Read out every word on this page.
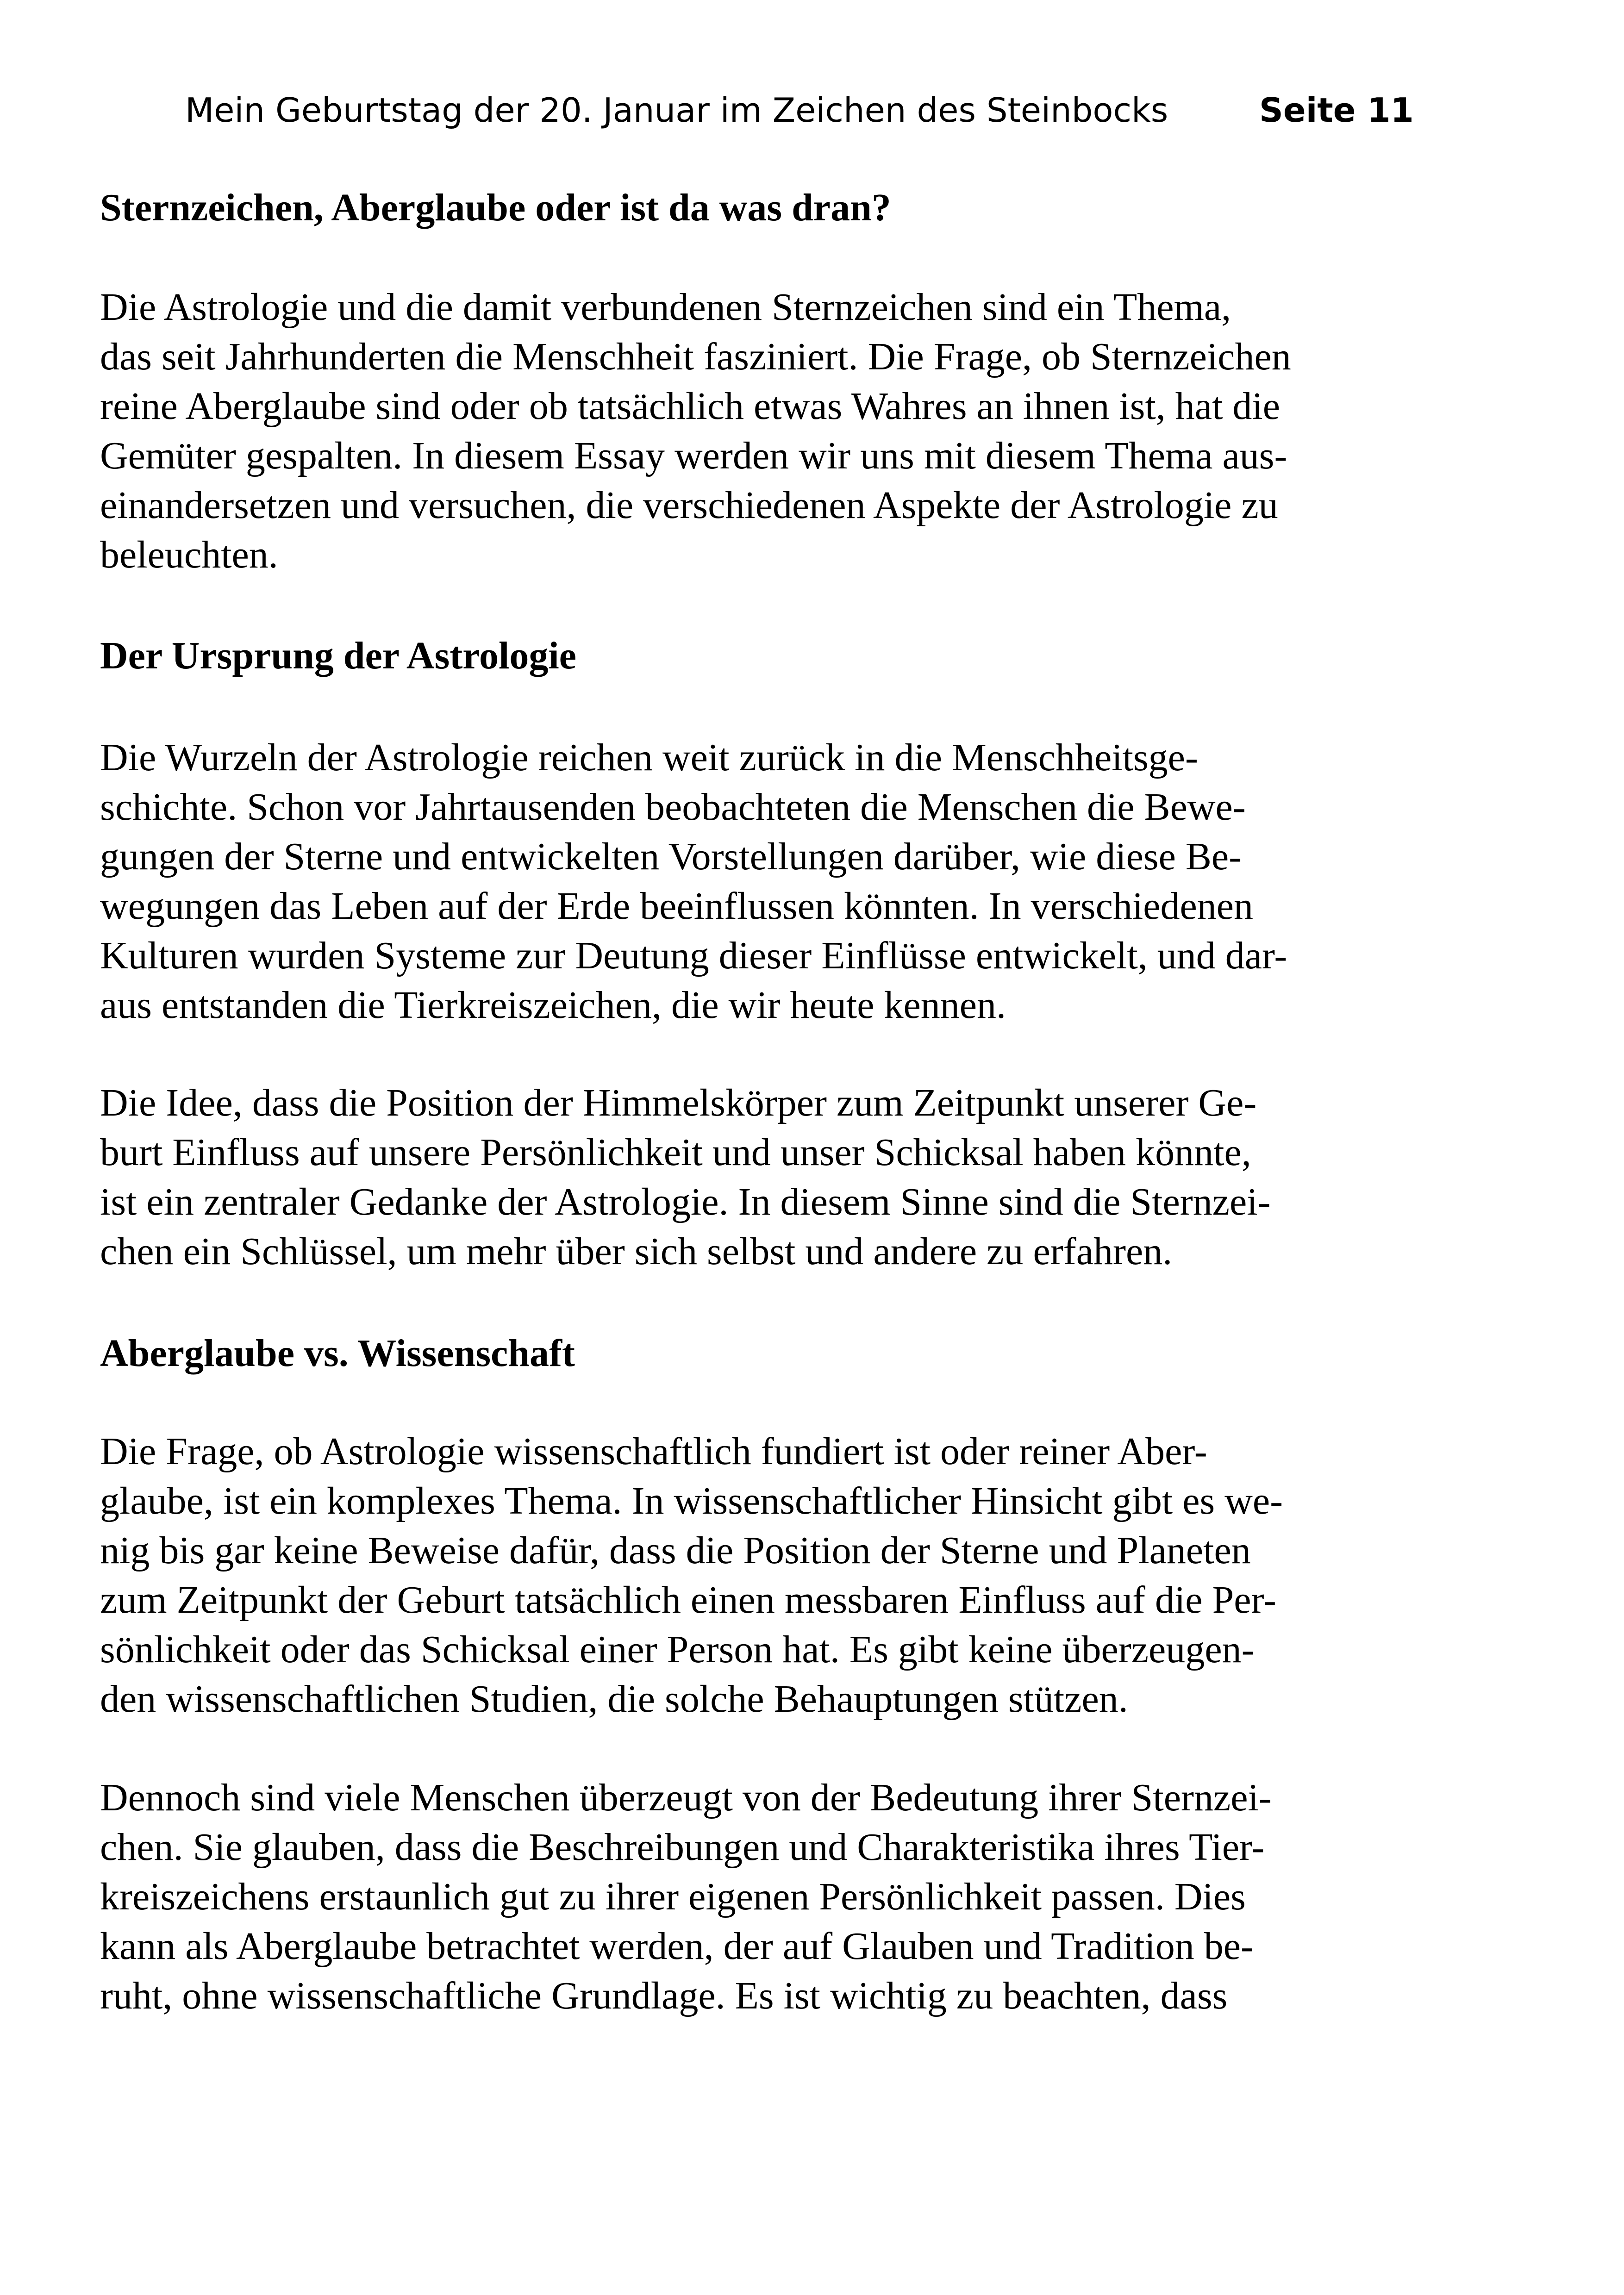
Mein Geburtstag der 20. Januar im Zeichen des Steinbocks	Seite 11
Sternzeichen, Aberglaube oder ist da was dran?
Die Astrologie und die damit verbundenen Sternzeichen sind ein Thema,
das seit Jahrhunderten die Menschheit fasziniert. Die Frage, ob Sternzeichen
reine Aberglaube sind oder ob tatsächlich etwas Wahres an ihnen ist, hat die
Gemüter gespalten. In diesem Essay werden wir uns mit diesem Thema aus-
einandersetzen und versuchen, die verschiedenen Aspekte der Astrologie zu
beleuchten.
Der Ursprung der Astrologie
Die Wurzeln der Astrologie reichen weit zurück in die Menschheitsge-
schichte. Schon vor Jahrtausenden beobachteten die Menschen die Bewe-
gungen der Sterne und entwickelten Vorstellungen darüber, wie diese Be-
wegungen das Leben auf der Erde beeinflussen könnten. In verschiedenen
Kulturen wurden Systeme zur Deutung dieser Einflüsse entwickelt, und dar-
aus entstanden die Tierkreiszeichen, die wir heute kennen.
Die Idee, dass die Position der Himmelskörper zum Zeitpunkt unserer Ge-
burt Einfluss auf unsere Persönlichkeit und unser Schicksal haben könnte,
ist ein zentraler Gedanke der Astrologie. In diesem Sinne sind die Sternzei-
chen ein Schlüssel, um mehr über sich selbst und andere zu erfahren.
Aberglaube vs. Wissenschaft
Die Frage, ob Astrologie wissenschaftlich fundiert ist oder reiner Aber-
glaube, ist ein komplexes Thema. In wissenschaftlicher Hinsicht gibt es we-
nig bis gar keine Beweise dafür, dass die Position der Sterne und Planeten
zum Zeitpunkt der Geburt tatsächlich einen messbaren Einfluss auf die Per-
sönlichkeit oder das Schicksal einer Person hat. Es gibt keine überzeugen-
den wissenschaftlichen Studien, die solche Behauptungen stützen.
Dennoch sind viele Menschen überzeugt von der Bedeutung ihrer Sternzei-
chen. Sie glauben, dass die Beschreibungen und Charakteristika ihres Tier-
kreiszeichens erstaunlich gut zu ihrer eigenen Persönlichkeit passen. Dies
kann als Aberglaube betrachtet werden, der auf Glauben und Tradition be-
ruht, ohne wissenschaftliche Grundlage. Es ist wichtig zu beachten, dass
